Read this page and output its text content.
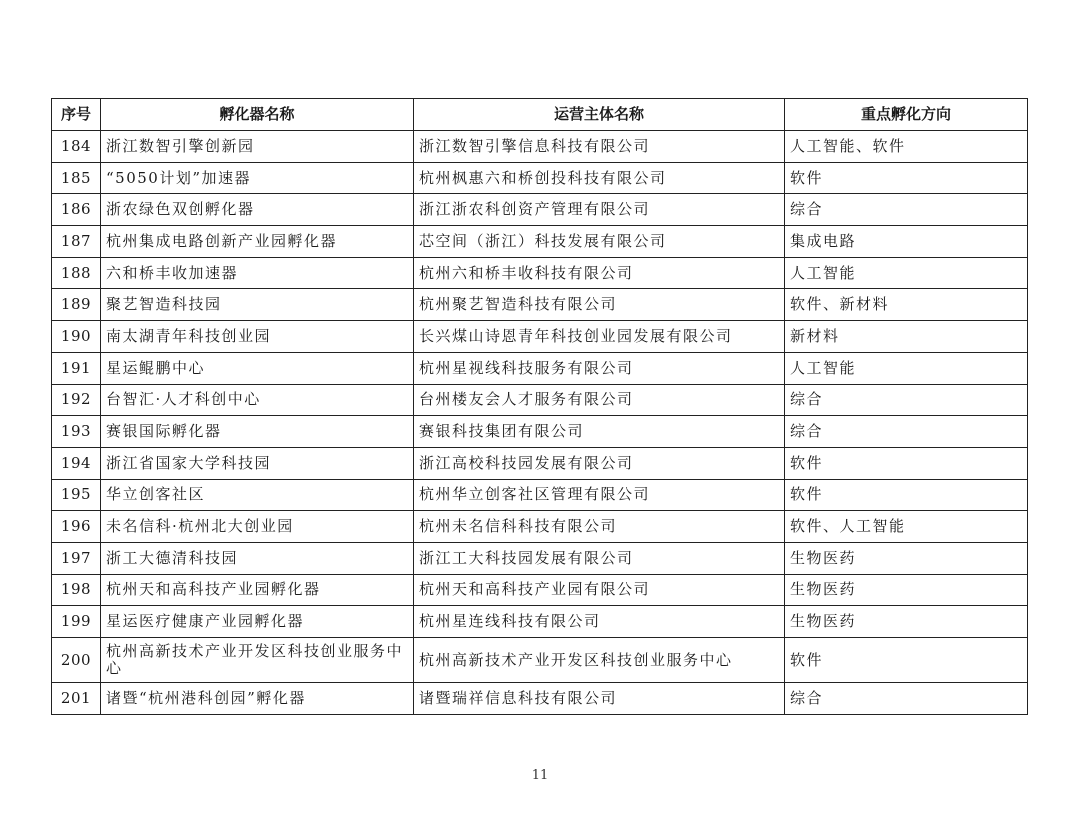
序号	孵化器名称	运营主体名称	重点孵化方向
184	浙江数智引擎创新园	浙江数智引擎信息科技有限公司	人工智能、软件
185	“5050计划”加速器	杭州枫惠六和桥创投科技有限公司	软件
186	浙农绿色双创孵化器	浙江浙农科创资产管理有限公司	综合
187	杭州集成电路创新产业园孵化器	芯空间（浙江）科技发展有限公司	集成电路
188	六和桥丰收加速器	杭州六和桥丰收科技有限公司	人工智能
189	聚艺智造科技园	杭州聚艺智造科技有限公司	软件、新材料
190	南太湖青年科技创业园	长兴煤山诗恩青年科技创业园发展有限公司	新材料
191	星运鲲鹏中心	杭州星视线科技服务有限公司	人工智能
192	台智汇·人才科创中心	台州楼友会人才服务有限公司	综合
193	赛银国际孵化器	赛银科技集团有限公司	综合
194	浙江省国家大学科技园	浙江高校科技园发展有限公司	软件
195	华立创客社区	杭州华立创客社区管理有限公司	软件
196	未名信科·杭州北大创业园	杭州未名信科科技有限公司	软件、人工智能
197	浙工大德清科技园	浙江工大科技园发展有限公司	生物医药
198	杭州天和高科技产业园孵化器	杭州天和高科技产业园有限公司	生物医药
199	星运医疗健康产业园孵化器	杭州星连线科技有限公司	生物医药
200	杭州高新技术产业开发区科技创业服务中心	杭州高新技术产业开发区科技创业服务中心	软件
201	诸暨“杭州港科创园”孵化器	诸暨瑞祥信息科技有限公司	综合
11
